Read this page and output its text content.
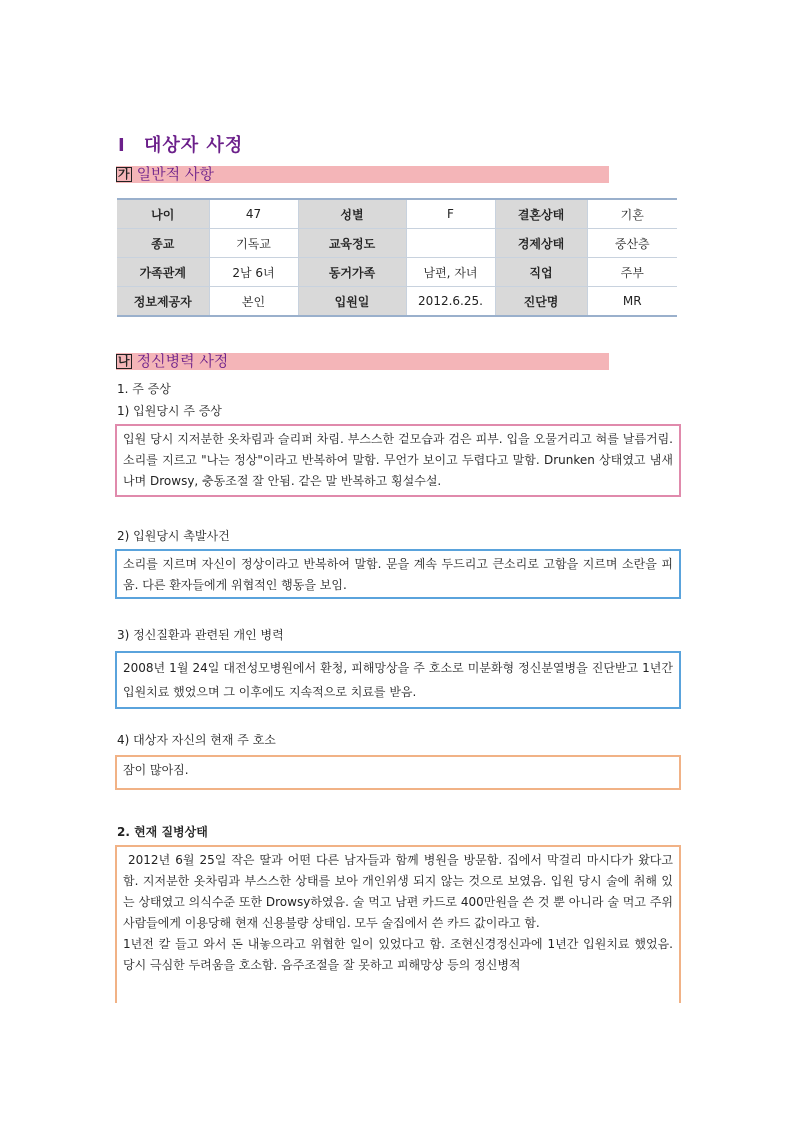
Ⅰ 대상자 사정
가 일반적 사항
나이	47	성별	F	결혼상태	기혼
종교	기독교	교육정도		경제상태	중산층
가족관계	2남 6녀	동거가족	남편, 자녀	직업	주부
정보제공자	본인	입원일	2012.6.25.	진단명	MR
나 정신병력 사정
1. 주 증상
1) 입원당시 주 증상

입원 당시 지저분한 옷차림과 슬리퍼 차림. 부스스한 겉모습과 검은 피부. 입을 오물거리고 혀를 날름거림. 소리를 지르고 "나는 정상"이라고 반복하여 말함. 무언가 보이고 두렵다고 말함. Drunken 상태였고 냄새나며 Drowsy, 충동조절 잘 안됨. 같은 말 반복하고 횡설수설.

2) 입원당시 촉발사건

소리를 지르며 자신이 정상이라고 반복하여 말함. 문을 계속 두드리고 큰소리로 고함을 지르며 소란을 피움. 다른 환자들에게 위협적인 행동을 보임.

3) 정신질환과 관련된 개인 병력

2008년 1월 24일 대전성모병원에서 환청, 피해망상을 주 호소로 미분화형 정신분열병을 진단받고 1년간 입원치료 했었으며 그 이후에도 지속적으로 치료를 받음.

4) 대상자 자신의 현재 주 호소

잠이 많아짐.

2. 현재 질병상태

2012년 6월 25일 작은 딸과 어떤 다른 남자들과 함께 병원을 방문함. 집에서 막걸리 마시다가 왔다고 함. 지저분한 옷차림과 부스스한 상태를 보아 개인위생 되지 않는 것으로 보였음. 입원 당시 술에 취해 있는 상태였고 의식수준 또한 Drowsy하였음. 술 먹고 남편 카드로 400만원을 쓴 것 뿐 아니라 술 먹고 주위사람들에게 이용당해 현재 신용불량 상태임. 모두 술집에서 쓴 카드 값이라고 함.

1년전 칼 들고 와서 돈 내놓으라고 위협한 일이 있었다고 함. 조현신경정신과에 1년간 입원치료 했었음. 당시 극심한 두려움을 호소함. 음주조절을 잘 못하고 피해망상 등의 정신병적
